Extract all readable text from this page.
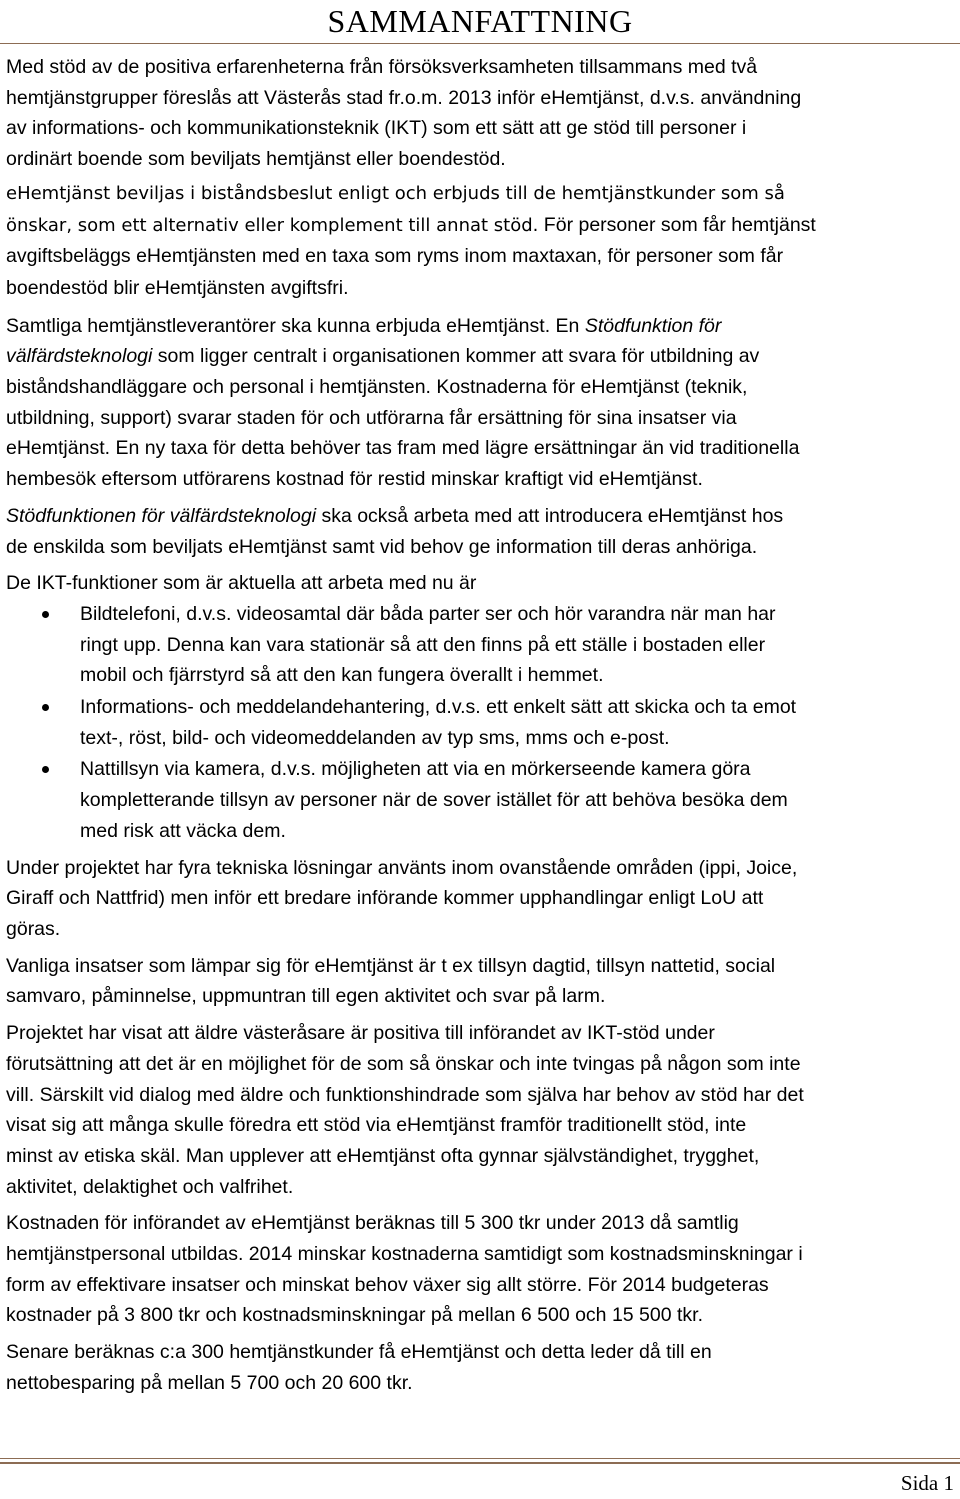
SAMMANFATTNING

Med stöd av de positiva erfarenheterna från försöksverksamheten tillsammans med två
hemtjänstgrupper föreslås att Västerås stad fr.o.m. 2013 inför eHemtjänst, d.v.s. användning
av informations- och kommunikationsteknik (IKT) som ett sätt att ge stöd till personer i
ordinärt boende som beviljats hemtjänst eller boendestöd.

eHemtjänst beviljas i biståndsbeslut enligt och erbjuds till de hemtjänstkunder som så
önskar, som ett alternativ eller komplement till annat stöd. För personer som får hemtjänst
avgiftsbeläggs eHemtjänsten med en taxa som ryms inom maxtaxan, för personer som får
boendestöd blir eHemtjänsten avgiftsfri.

Samtliga hemtjänstleverantörer ska kunna erbjuda eHemtjänst. En Stödfunktion för
välfärdsteknologi som ligger centralt i organisationen kommer att svara för utbildning av
biståndshandläggare och personal i hemtjänsten. Kostnaderna för eHemtjänst (teknik,
utbildning, support) svarar staden för och utförarna får ersättning för sina insatser via
eHemtjänst. En ny taxa för detta behöver tas fram med lägre ersättningar än vid traditionella
hembesök eftersom utförarens kostnad för restid minskar kraftigt vid eHemtjänst.

Stödfunktionen för välfärdsteknologi ska också arbeta med att introducera eHemtjänst hos
de enskilda som beviljats eHemtjänst samt vid behov ge information till deras anhöriga.

De IKT-funktioner som är aktuella att arbeta med nu är

Bildtelefoni, d.v.s. videosamtal där båda parter ser och hör varandra när man har
ringt upp. Denna kan vara stationär så att den finns på ett ställe i bostaden eller
mobil och fjärrstyrd så att den kan fungera överallt i hemmet.
Informations- och meddelandehantering, d.v.s. ett enkelt sätt att skicka och ta emot
text-, röst, bild- och videomeddelanden av typ sms, mms och e-post.
Nattillsyn via kamera, d.v.s. möjligheten att via en mörkerseende kamera göra
kompletterande tillsyn av personer när de sover istället för att behöva besöka dem
med risk att väcka dem.

Under projektet har fyra tekniska lösningar använts inom ovanstående områden (ippi, Joice,
Giraff och Nattfrid) men inför ett bredare införande kommer upphandlingar enligt LoU att
göras.

Vanliga insatser som lämpar sig för eHemtjänst är t ex tillsyn dagtid, tillsyn nattetid, social
samvaro, påminnelse, uppmuntran till egen aktivitet och svar på larm.

Projektet har visat att äldre västeråsare är positiva till införandet av IKT-stöd under
förutsättning att det är en möjlighet för de som så önskar och inte tvingas på någon som inte
vill. Särskilt vid dialog med äldre och funktionshindrade som själva har behov av stöd har det
visat sig att många skulle föredra ett stöd via eHemtjänst framför traditionellt stöd, inte
minst av etiska skäl. Man upplever att eHemtjänst ofta gynnar självständighet, trygghet,
aktivitet, delaktighet och valfrihet.

Kostnaden för införandet av eHemtjänst beräknas till 5 300 tkr under 2013 då samtlig
hemtjänstpersonal utbildas. 2014 minskar kostnaderna samtidigt som kostnadsminskningar i
form av effektivare insatser och minskat behov växer sig allt större. För 2014 budgeteras
kostnader på 3 800 tkr och kostnadsminskningar på mellan 6 500 och 15 500 tkr.

Senare beräknas c:a 300 hemtjänstkunder få eHemtjänst och detta leder då till en
nettobesparing på mellan 5 700 och 20 600 tkr.

Sida 1
